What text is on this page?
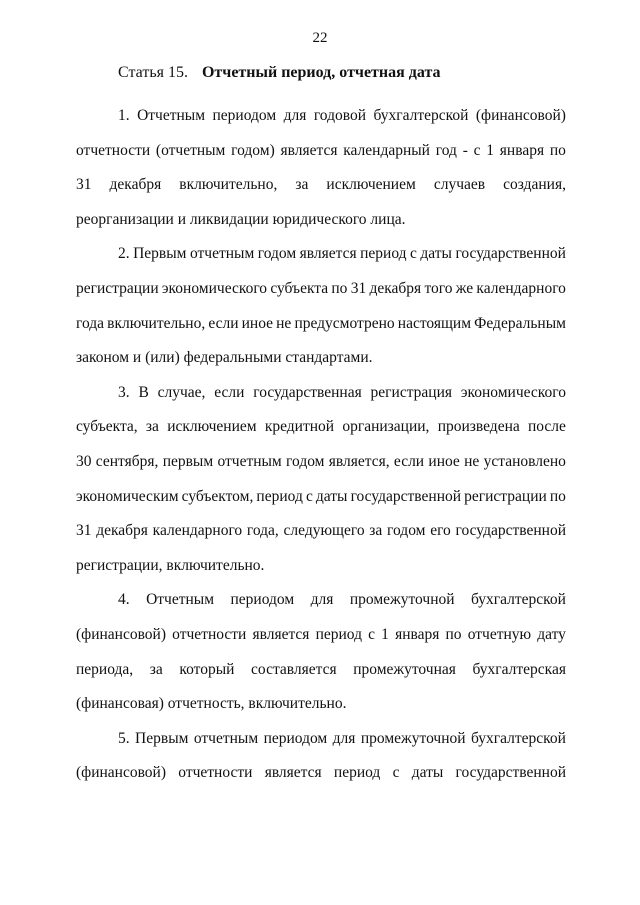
22
Статья 15. Отчетный период, отчетная дата

1. Отчетным периодом для годовой бухгалтерской (финансовой)
отчетности (отчетным годом) является календарный год - с 1 января по
31 декабря включительно, за исключением случаев создания,
реорганизации и ликвидации юридического лица.

2. Первым отчетным годом является период с даты государственной
регистрации экономического субъекта по 31 декабря того же календарного
года включительно, если иное не предусмотрено настоящим Федеральным
законом и (или) федеральными стандартами.

3. В случае, если государственная регистрация экономического
субъекта, за исключением кредитной организации, произведена после
30 сентября, первым отчетным годом является, если иное не установлено
экономическим субъектом, период с даты государственной регистрации по
31 декабря календарного года, следующего за годом его государственной
регистрации, включительно.

4. Отчетным периодом для промежуточной бухгалтерской
(финансовой) отчетности является период с 1 января по отчетную дату
периода, за который составляется промежуточная бухгалтерская
(финансовая) отчетность, включительно.

5. Первым отчетным периодом для промежуточной бухгалтерской
(финансовой) отчетности является период с даты государственной
